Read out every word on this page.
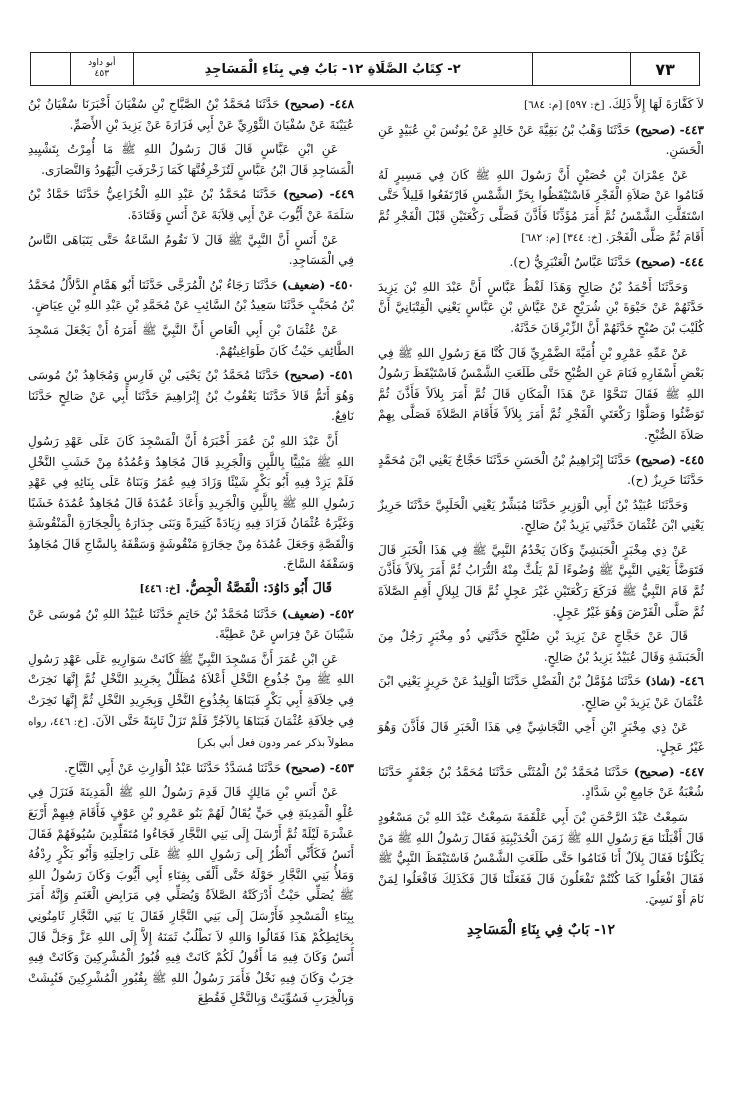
أبو داود
٤٥٣	٢- كِتَابُ الصَّلَاةِ ١٢- بَابٌ فِي بِنَاءِ الْمَسَاجِدِ	٧٣

٤٤٨- (صحيح) حَدَّثَنَا مُحَمَّدُ بْنُ الصَّبَّاحِ بْنِ سُفْيَانَ أَخْبَرَنَا سُفْيَانُ بْنُ عُيَيْنَةَ عَنْ سُفْيَانَ الثَّوْرِيِّ عَنْ أَبِي فَزَارَةَ عَنْ يَزِيدَ بْنِ الأَصَمِّ.

عَنِ ابْنِ عَبَّاسٍ قَالَ قَالَ رَسُولُ اللهِ ﷺ مَا أُمِرْتُ بِتَشْيِيدِ الْمَسَاجِدِ قَالَ ابْنُ عَبَّاسٍ لَتُزَخْرِفُنَّهَا كَمَا زَخْرَفَتِ الْيَهُودُ وَالنَّصَارَى.

٤٤٩- (صحيح) حَدَّثَنَا مُحَمَّدُ بْنُ عَبْدِ اللهِ الْخُزَاعِيُّ حَدَّثَنَا حَمَّادُ بْنُ سَلَمَةَ عَنْ أَيُّوبَ عَنْ أَبِي قِلاَبَةَ عَنْ أَنَسٍ وَقَتَادَةَ.

عَنْ أَنَسٍ أَنَّ النَّبِيَّ ﷺ قَالَ لاَ تَقُومُ السَّاعَةُ حَتَّى يَتَبَاهَى النَّاسُ فِي الْمَسَاجِدِ.

٤٥٠- (ضعيف) حَدَّثَنَا رَجَاءُ بْنُ الْمُرَجَّى حَدَّثَنَا أَبُو هَمَّامٍ الدَّلاَّلُ مُحَمَّدُ بْنُ مُحَبَّبٍ حَدَّثَنَا سَعِيدُ بْنُ السَّائِبِ عَنْ مُحَمَّدِ بْنِ عَبْدِ اللهِ بْنِ عِيَاضٍ.

عَنْ عُثْمَانَ بْنِ أَبِي الْعَاصِ أَنَّ النَّبِيَّ ﷺ أَمَرَهُ أَنْ يَجْعَلَ مَسْجِدَ الطَّائِفِ حَيْثُ كَانَ طَوَاغِيتُهُمْ.

٤٥١- (صحيح) حَدَّثَنَا مُحَمَّدُ بْنُ يَحْيَى بْنِ فَارِسٍ وَمُجَاهِدُ بْنُ مُوسَى وَهُوَ أَتَمُّ قَالاَ حَدَّثَنَا يَعْقُوبُ بْنُ إِبْرَاهِيمَ حَدَّثَنَا أَبِي عَنْ صَالِحٍ حَدَّثَنَا نَافِعٌ.

أَنَّ عَبْدَ اللهِ بْنَ عُمَرَ أَخْبَرَهُ أَنَّ الْمَسْجِدَ كَانَ عَلَى عَهْدِ رَسُولِ اللهِ ﷺ مَبْنِيًّا بِاللَّبِنِ وَالْجَرِيدِ قَالَ مُجَاهِدٌ وَعُمُدُهُ مِنْ خَشَبِ النَّخْلِ فَلَمْ يَزِدْ فِيهِ أَبُو بَكْرٍ شَيْئًا وَزَادَ فِيهِ عُمَرُ وَبَنَاهُ عَلَى بِنَائِهِ فِي عَهْدِ رَسُولِ اللهِ ﷺ بِاللَّبِنِ وَالْجَرِيدِ وَأَعَادَ عُمُدَهُ قَالَ مُجَاهِدٌ عُمُدَهُ خَشَبًا وَغَيَّرَهُ عُثْمَانُ فَزَادَ فِيهِ زِيَادَةً كَثِيرَةً وَبَنَى جِدَارَهُ بِالْحِجَارَةِ الْمَنْقُوشَةِ وَالْقَصَّةِ وَجَعَلَ عُمُدَهُ مِنْ حِجَارَةٍ مَنْقُوشَةٍ وَسَقْفَهُ بِالسَّاجِ قَالَ مُجَاهِدٌ وَسَقْفَهُ السَّاجَ.

قَالَ أَبُو دَاوُدَ: الْقَصَّةُ الْجِصُّ. [خ: ٤٤٦]

٤٥٢- (ضعيف) حَدَّثَنَا مُحَمَّدُ بْنُ حَاتِمٍ حَدَّثَنَا عُبَيْدُ اللهِ بْنُ مُوسَى عَنْ شَيْبَانَ عَنْ فِرَاسٍ عَنْ عَطِيَّةَ.

عَنِ ابْنِ عُمَرَ أَنَّ مَسْجِدَ النَّبِيِّ ﷺ كَانَتْ سَوَارِيهِ عَلَى عَهْدِ رَسُولِ اللهِ ﷺ مِنْ جُذُوعِ النَّخْلِ أَعْلاَهُ مُظَلَّلٌ بِجَرِيدِ النَّخْلِ ثُمَّ إِنَّهَا نَخِرَتْ فِي خِلاَفَةِ أَبِي بَكْرٍ فَبَنَاهَا بِجُذُوعِ النَّخْلِ وَبِجَرِيدِ النَّخْلِ ثُمَّ إِنَّهَا نَخِرَتْ فِي خِلاَفَةِ عُثْمَانَ فَبَنَاهَا بِالآجُرِّ فَلَمْ تَزَلْ ثَابِتَةً حَتَّى الآنَ. [خ: ٤٤٦، رواه مطولاً بذكر عمر ودون فعل أبي بكر]

٤٥٣- (صحيح) حَدَّثَنَا مُسَدَّدٌ حَدَّثَنَا عَبْدُ الْوَارِثِ عَنْ أَبِي التَّيَّاحِ.

عَنْ أَنَسِ بْنِ مَالِكٍ قَالَ قَدِمَ رَسُولُ اللهِ ﷺ الْمَدِينَةَ فَنَزَلَ فِي عُلْوِ الْمَدِينَةِ فِي حَيٍّ يُقَالُ لَهُمْ بَنُو عَمْرِو بْنِ عَوْفٍ فَأَقَامَ فِيهِمْ أَرْبَعَ عَشْرَةَ لَيْلَةً ثُمَّ أَرْسَلَ إِلَى بَنِي النَّجَّارِ فَجَاءُوا مُتَقَلِّدِينَ سُيُوفَهُمْ فَقَالَ أَنَسٌ فَكَأَنِّي أَنْظُرُ إِلَى رَسُولِ اللهِ ﷺ عَلَى رَاحِلَتِهِ وَأَبُو بَكْرٍ رِدْفُهُ وَمَلأُ بَنِي النَّجَّارِ حَوْلَهُ حَتَّى أَلْقَى بِفِنَاءِ أَبِي أَيُّوبَ وَكَانَ رَسُولُ اللهِ ﷺ يُصَلِّي حَيْثُ أَدْرَكَتْهُ الصَّلاَةُ وَيُصَلِّي فِي مَرَابِضِ الْغَنَمِ وَإِنَّهُ أَمَرَ بِبِنَاءِ الْمَسْجِدِ فَأَرْسَلَ إِلَى بَنِي النَّجَّارِ فَقَالَ يَا بَنِي النَّجَّارِ ثَامِنُونِي بِحَائِطِكُمْ هَذَا فَقَالُوا وَاللهِ لاَ نَطْلُبُ ثَمَنَهُ إِلاَّ إِلَى اللهِ عَزَّ وَجَلَّ قَالَ أَنَسٌ وَكَانَ فِيهِ مَا أَقُولُ لَكُمْ كَانَتْ فِيهِ قُبُورُ الْمُشْرِكِينَ وَكَانَتْ فِيهِ خِرَبٌ وَكَانَ فِيهِ نَخْلٌ فَأَمَرَ رَسُولُ اللهِ ﷺ بِقُبُورِ الْمُشْرِكِينَ فَنُبِشَتْ وَبِالْخِرَبِ فَسُوِّيَتْ وَبِالنَّخْلِ فَقُطِعَ

لاَ كَفَّارَةَ لَهَا إِلاَّ ذَلِكَ. [خ: ٥٩٧] [م: ٦٨٤]

٤٤٣- (صحيح) حَدَّثَنَا وَهْبُ بْنُ بَقِيَّةَ عَنْ خَالِدٍ عَنْ يُونُسَ بْنِ عُبَيْدٍ عَنِ الْحَسَنِ.

عَنْ عِمْرَانَ بْنِ حُصَيْنٍ أَنَّ رَسُولَ اللهِ ﷺ كَانَ فِي مَسِيرٍ لَهُ فَنَامُوا عَنْ صَلاَةِ الْفَجْرِ فَاسْتَيْقَظُوا بِحَرِّ الشَّمْسِ فَارْتَفَعُوا قَلِيلاً حَتَّى اسْتَقَلَّتِ الشَّمْسُ ثُمَّ أَمَرَ مُؤَذِّنًا فَأَذَّنَ فَصَلَّى رَكْعَتَيْنِ قَبْلَ الْفَجْرِ ثُمَّ أَقَامَ ثُمَّ صَلَّى الْفَجْرَ. [خ: ٣٤٤] [م: ٦٨٢]

٤٤٤- (صحيح) حَدَّثَنَا عَبَّاسٌ الْعَنْبَرِيُّ (ح).

وَحَدَّثَنَا أَحْمَدُ بْنُ صَالِحٍ وَهَذَا لَفْظُ عَبَّاسٍ أَنَّ عَبْدَ اللهِ بْنَ يَزِيدَ حَدَّثَهُمْ عَنْ حَيْوَةَ بْنِ شُرَيْحٍ عَنْ عَيَّاشِ بْنِ عَبَّاسٍ يَعْنِي الْقِتْبَانِيَّ أَنَّ كُلَيْبَ بْنَ صُبْحٍ حَدَّثَهُمْ أَنَّ الزِّبْرِقَانَ حَدَّثَهُ.

عَنْ عَمِّهِ عَمْرِو بْنِ أُمَيَّةَ الضَّمْرِيِّ قَالَ كُنَّا مَعَ رَسُولِ اللهِ ﷺ فِي بَعْضِ أَسْفَارِهِ فَنَامَ عَنِ الصُّبْحِ حَتَّى طَلَعَتِ الشَّمْسُ فَاسْتَيْقَظَ رَسُولُ اللهِ ﷺ فَقَالَ تَنَحَّوْا عَنْ هَذَا الْمَكَانِ قَالَ ثُمَّ أَمَرَ بِلاَلاً فَأَذَّنَ ثُمَّ تَوَضَّئُوا وَصَلَّوْا رَكْعَتَيِ الْفَجْرِ ثُمَّ أَمَرَ بِلاَلاً فَأَقَامَ الصَّلاَةَ فَصَلَّى بِهِمْ صَلاَةَ الصُّبْحِ.

٤٤٥- (صحيح) حَدَّثَنَا إِبْرَاهِيمُ بْنُ الْحَسَنِ حَدَّثَنَا حَجَّاجٌ يَعْنِي ابْنَ مُحَمَّدٍ حَدَّثَنَا حَرِيزٌ (ح).

وَحَدَّثَنَا عُبَيْدُ بْنُ أَبِي الْوَزِيرِ حَدَّثَنَا مُبَشِّرٌ يَعْنِي الْحَلَبِيَّ حَدَّثَنَا حَرِيزٌ يَعْنِي ابْنَ عُثْمَانَ حَدَّثَنِي يَزِيدُ بْنُ صَالِحٍ.

عَنْ ذِي مِخْبَرٍ الْحَبَشِيِّ وَكَانَ يَخْدُمُ النَّبِيَّ ﷺ فِي هَذَا الْخَبَرِ قَالَ فَتَوَضَّأَ يَعْنِي النَّبِيَّ ﷺ وُضُوءًا لَمْ يَلُثَّ مِنْهُ التُّرَابُ ثُمَّ أَمَرَ بِلاَلاً فَأَذَّنَ ثُمَّ قَامَ النَّبِيُّ ﷺ فَرَكَعَ رَكْعَتَيْنِ غَيْرَ عَجِلٍ ثُمَّ قَالَ لِبِلاَلٍ أَقِمِ الصَّلاَةَ ثُمَّ صَلَّى الْفَرْضَ وَهُوَ غَيْرُ عَجِلٍ.

قَالَ عَنْ حَجَّاجٍ عَنْ يَزِيدَ بْنِ صُلَيْحٍ حَدَّثَنِي ذُو مِخْبَرٍ رَجُلٌ مِنَ الْحَبَشَةِ وَقَالَ عُبَيْدٌ يَزِيدُ بْنُ صَالِحٍ.

٤٤٦- (شاذ) حَدَّثَنَا مُؤَمَّلُ بْنُ الْفَضْلِ حَدَّثَنَا الْوَلِيدُ عَنْ حَرِيزٍ يَعْنِي ابْنَ عُثْمَانَ عَنْ يَزِيدَ بْنِ صَالِحٍ.

عَنْ ذِي مِخْبَرٍ ابْنِ أَخِي النَّجَاشِيِّ فِي هَذَا الْخَبَرِ قَالَ فَأَذَّنَ وَهُوَ غَيْرُ عَجِلٍ.

٤٤٧- (صحيح) حَدَّثَنَا مُحَمَّدُ بْنُ الْمُثَنَّى حَدَّثَنَا مُحَمَّدُ بْنُ جَعْفَرٍ حَدَّثَنَا شُعْبَةُ عَنْ جَامِعِ بْنِ شَدَّادٍ.

سَمِعْتُ عَبْدَ الرَّحْمَنِ بْنَ أَبِي عَلْقَمَةَ سَمِعْتُ عَبْدَ اللهِ بْنَ مَسْعُودٍ قَالَ أَقْبَلْنَا مَعَ رَسُولِ اللهِ ﷺ زَمَنَ الْحُدَيْبِيَةِ فَقَالَ رَسُولُ اللهِ ﷺ مَنْ يَكْلَؤُنَا فَقَالَ بِلاَلٌ أَنَا فَنَامُوا حَتَّى طَلَعَتِ الشَّمْسُ فَاسْتَيْقَظَ النَّبِيُّ ﷺ فَقَالَ افْعَلُوا كَمَا كُنْتُمْ تَفْعَلُونَ قَالَ فَفَعَلْنَا قَالَ فَكَذَلِكَ فَافْعَلُوا لِمَنْ نَامَ أَوْ نَسِيَ.

١٢- بَابٌ فِي بِنَاءِ الْمَسَاجِدِ
